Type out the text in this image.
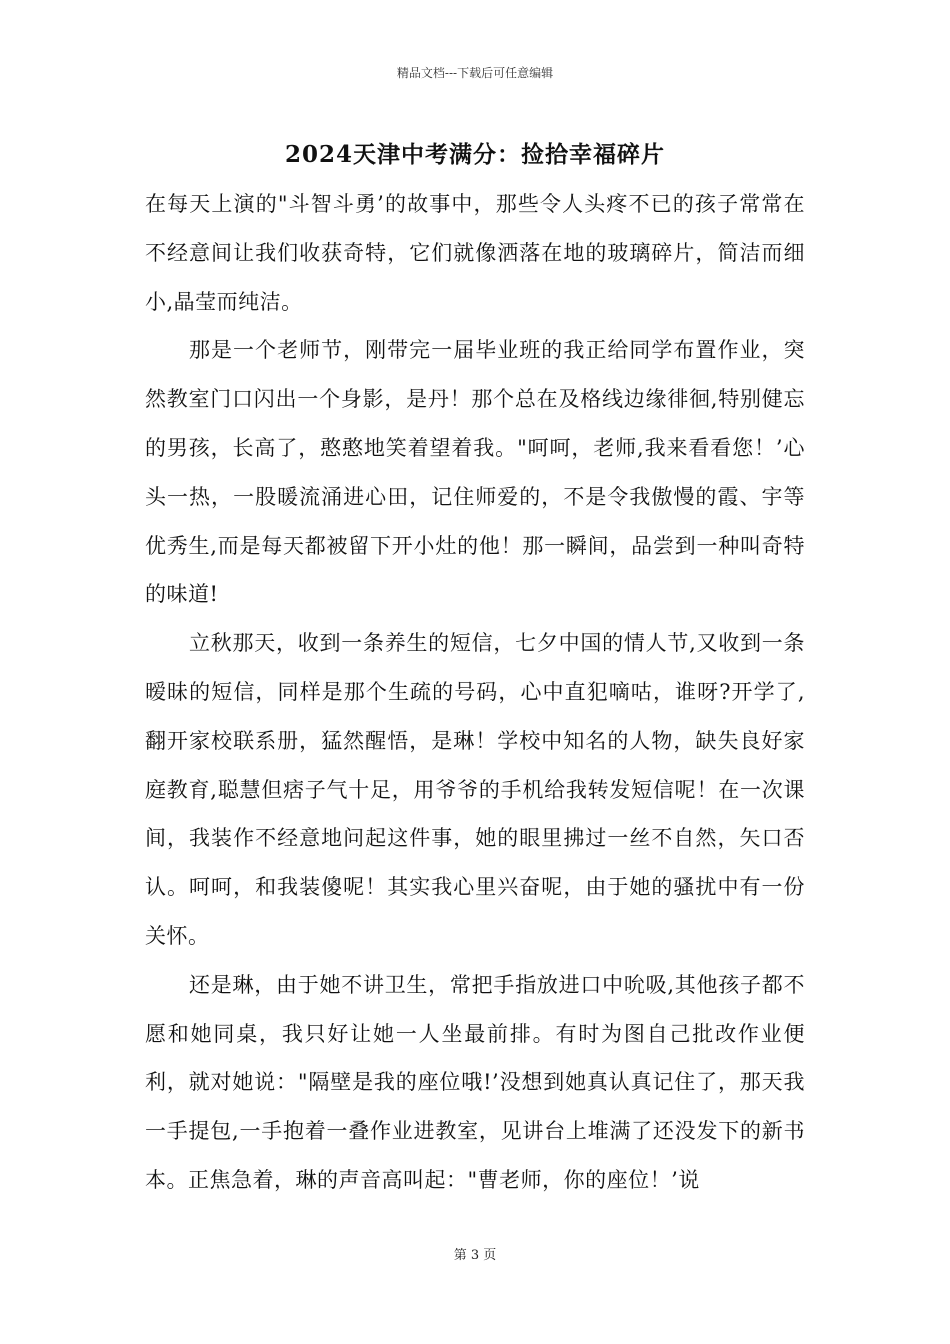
精品文档---下载后可任意编辑
2024天津中考满分：捡拾幸福碎片

在每天上演的"斗智斗勇’的故事中，那些令人头疼不已的孩子常常在不经意间让我们收获奇特，它们就像洒落在地的玻璃碎片，简洁而细小,晶莹而纯洁。

那是一个老师节，刚带完一届毕业班的我正给同学布置作业，突然教室门口闪出一个身影，是丹！那个总在及格线边缘徘徊,特别健忘的男孩，长高了，憨憨地笑着望着我。"呵呵，老师,我来看看您！’心头一热，一股暖流涌进心田，记住师爱的，不是令我傲慢的霞、宇等优秀生,而是每天都被留下开小灶的他！那一瞬间，品尝到一种叫奇特的味道!

立秋那天，收到一条养生的短信，七夕中国的情人节,又收到一条暧昧的短信，同样是那个生疏的号码，心中直犯嘀咕，谁呀?开学了,翻开家校联系册，猛然醒悟，是琳！学校中知名的人物，缺失良好家庭教育,聪慧但痞子气十足，用爷爷的手机给我转发短信呢！在一次课间，我装作不经意地问起这件事，她的眼里拂过一丝不自然，矢口否认。呵呵，和我装傻呢！其实我心里兴奋呢，由于她的骚扰中有一份关怀。

还是琳，由于她不讲卫生，常把手指放进口中吮吸,其他孩子都不愿和她同桌，我只好让她一人坐最前排。有时为图自己批改作业便利，就对她说："隔壁是我的座位哦!’没想到她真认真记住了，那天我一手提包,一手抱着一叠作业进教室，见讲台上堆满了还没发下的新书本。正焦急着，琳的声音高叫起："曹老师，你的座位！’说

第 3 页
